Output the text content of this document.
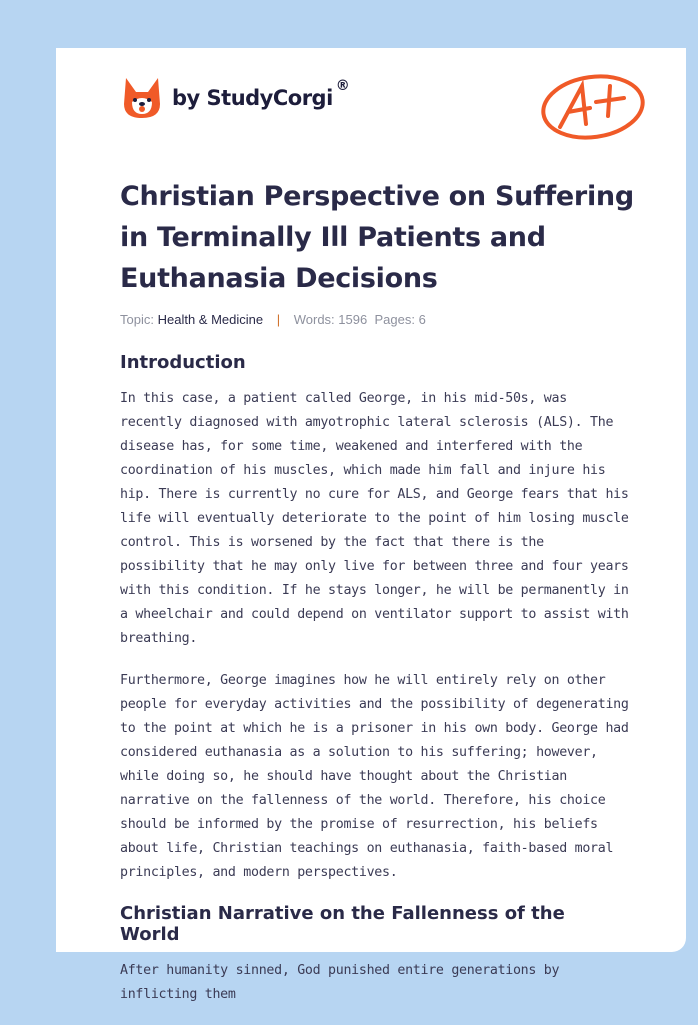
by StudyCorgi ®
Christian Perspective on Suffering in Terminally Ill Patients and Euthanasia Decisions
Topic: Health & Medicine | Words: 1596 Pages: 6
Introduction

In this case, a patient called George, in his mid-50s, was recently diagnosed with amyotrophic lateral sclerosis (ALS). The disease has, for some time, weakened and interfered with the coordination of his muscles, which made him fall and injure his hip. There is currently no cure for ALS, and George fears that his life will eventually deteriorate to the point of him losing muscle control. This is worsened by the fact that there is the possibility that he may only live for between three and four years with this condition. If he stays longer, he will be permanently in a wheelchair and could depend on ventilator support to assist with breathing.

Furthermore, George imagines how he will entirely rely on other people for everyday activities and the possibility of degenerating to the point at which he is a prisoner in his own body. George had considered euthanasia as a solution to his suffering; however, while doing so, he should have thought about the Christian narrative on the fallenness of the world. Therefore, his choice should be informed by the promise of resurrection, his beliefs about life, Christian teachings on euthanasia, faith-based moral principles, and modern perspectives.

Christian Narrative on the Fallenness of the World

After humanity sinned, God punished entire generations by inflicting them
